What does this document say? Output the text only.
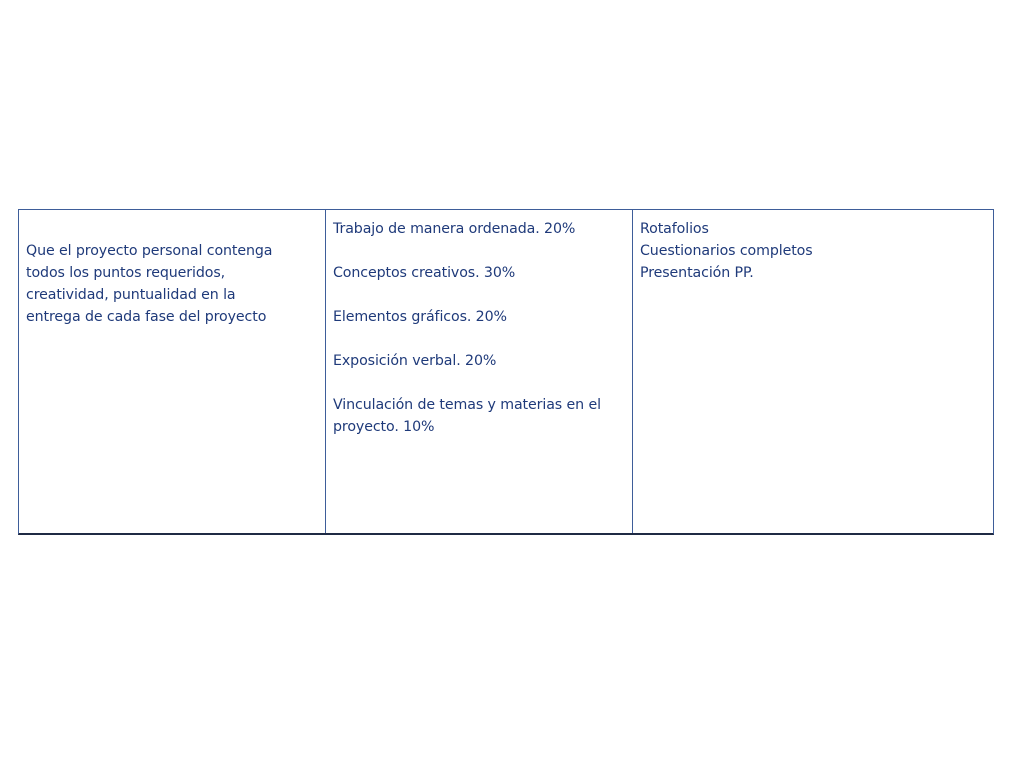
Que el proyecto personal contenga
todos los puntos requeridos,
creatividad, puntualidad en la
entrega de cada fase del proyecto
Trabajo de manera ordenada. 20%
Conceptos creativos. 30%
Elementos gráficos. 20%
Exposición verbal. 20%
Vinculación de temas y materias en el
proyecto. 10%
Rotafolios
Cuestionarios completos
Presentación PP.
